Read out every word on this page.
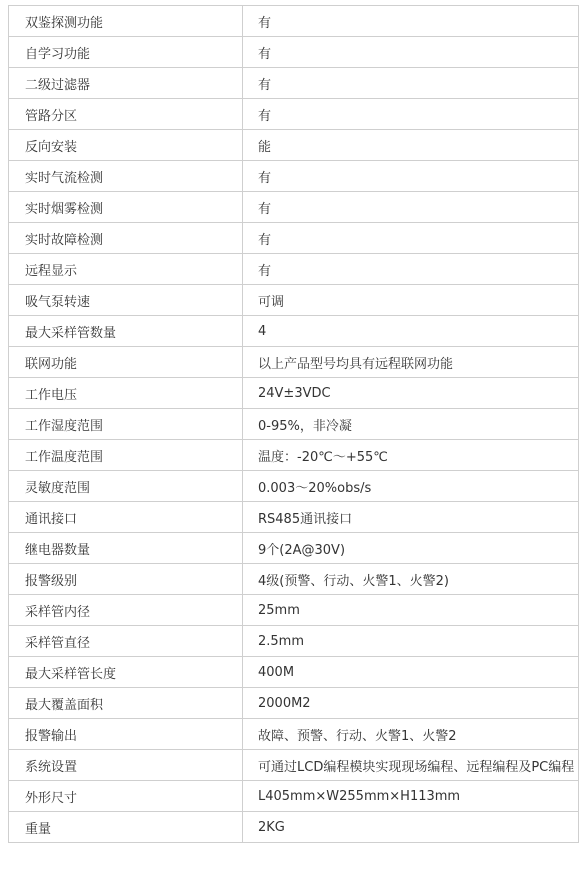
双鉴探测功能	有
自学习功能	有
二级过滤器	有
管路分区	有
反向安装	能
实时气流检测	有
实时烟雾检测	有
实时故障检测	有
远程显示	有
吸气泵转速	可调
最大采样管数量	4
联网功能	以上产品型号均具有远程联网功能
工作电压	24V±3VDC
工作湿度范围	0-95%，非冷凝
工作温度范围	温度：-20℃～+55℃
灵敏度范围	0.003～20%obs/s
通讯接口	RS485通讯接口
继电器数量	9个(2A@30V)
报警级别	4级(预警、行动、火警1、火警2)
采样管内径	25mm
采样管直径	2.5mm
最大采样管长度	400M
最大覆盖面积	2000M2
报警输出	故障、预警、行动、火警1、火警2
系统设置	可通过LCD编程模块实现现场编程、远程编程及PC编程
外形尺寸	L405mm×W255mm×H113mm
重量	2KG
